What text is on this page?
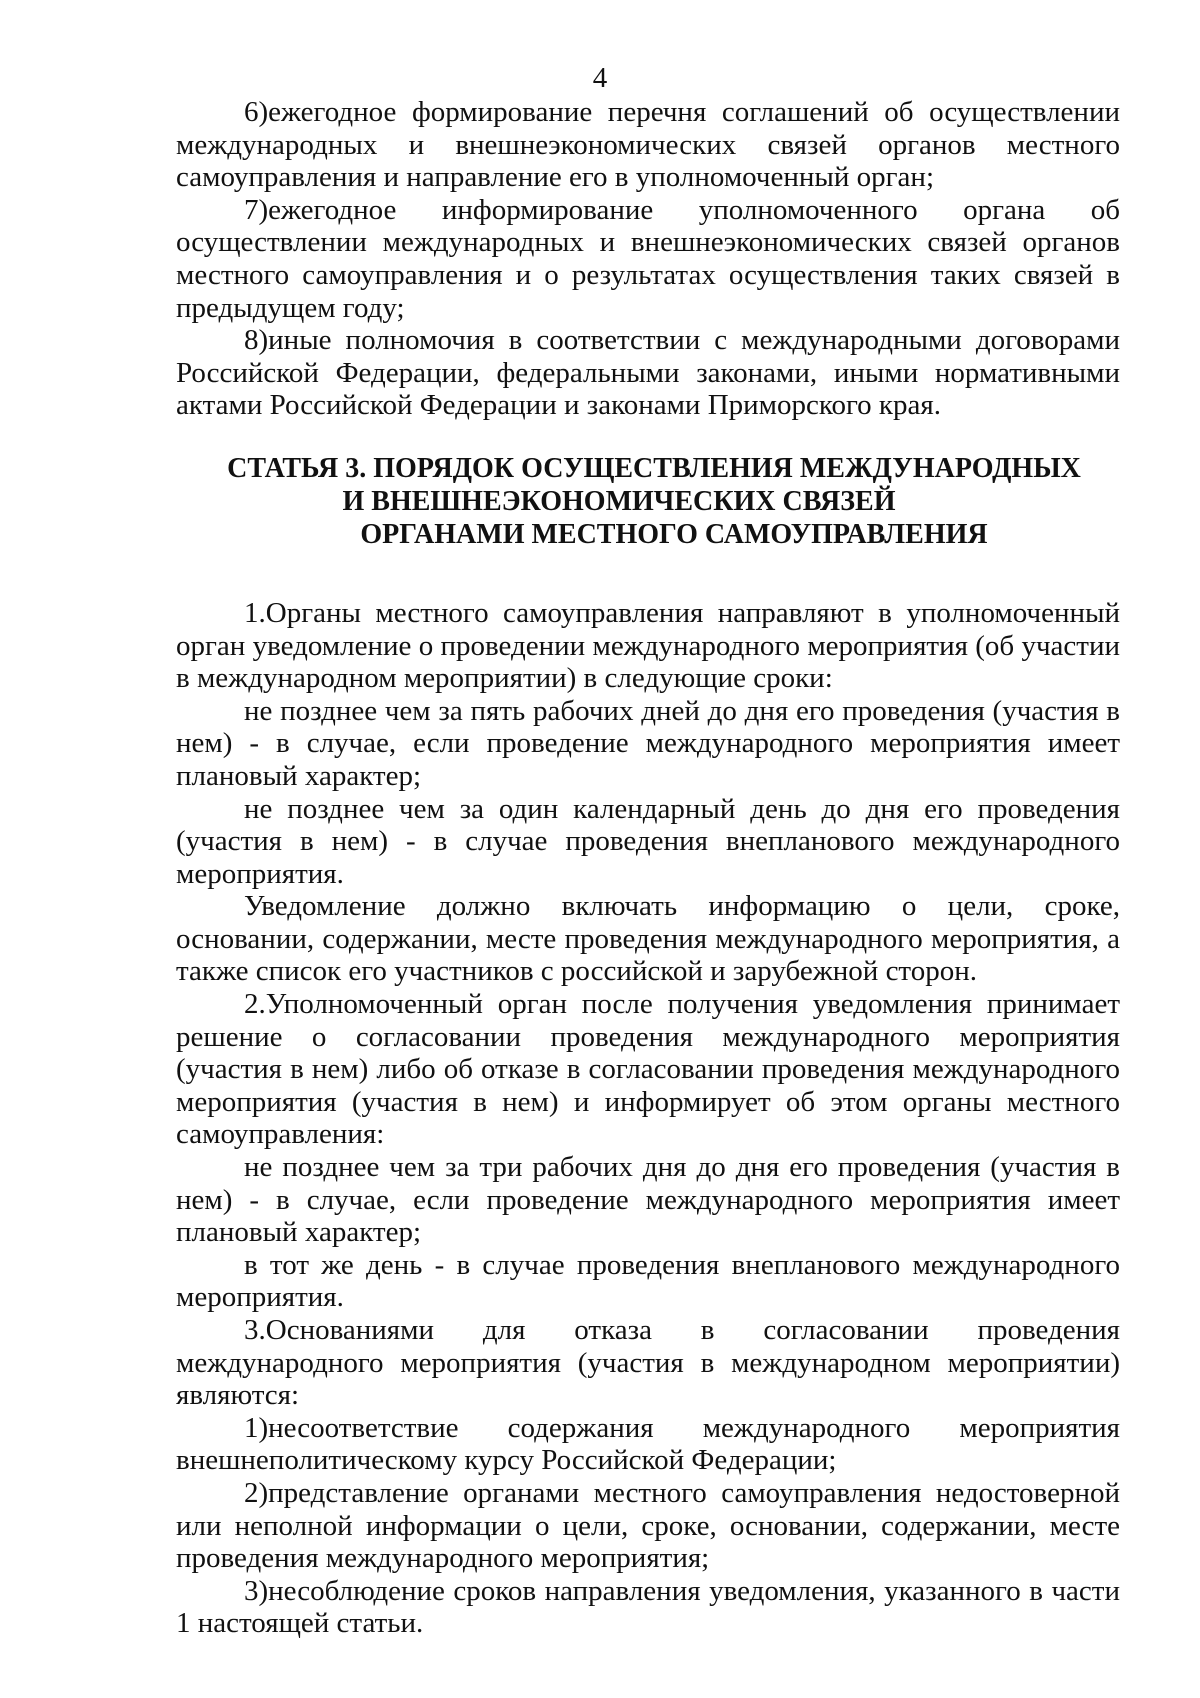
4

6)ежегодное формирование перечня соглашений об осуществлении международных и внешнеэкономических связей органов местного самоуправления и направление его в уполномоченный орган;

7)ежегодное информирование уполномоченного органа об осуществлении международных и внешнеэкономических связей органов местного самоуправления и о результатах осуществления таких связей в предыдущем году;

8)иные полномочия в соответствии с международными договорами Российской Федерации, федеральными законами, иными нормативными актами Российской Федерации и законами Приморского края.

СТАТЬЯ 3. ПОРЯДОК ОСУЩЕСТВЛЕНИЯ МЕЖДУНАРОДНЫХ
И ВНЕШНЕЭКОНОМИЧЕСКИХ СВЯЗЕЙ
ОРГАНАМИ МЕСТНОГО САМОУПРАВЛЕНИЯ

1.Органы местного самоуправления направляют в уполномоченный орган уведомление о проведении международного мероприятия (об участии в международном мероприятии) в следующие сроки:

не позднее чем за пять рабочих дней до дня его проведения (участия в нем) - в случае, если проведение международного мероприятия имеет плановый характер;

не позднее чем за один календарный день до дня его проведения (участия в нем) - в случае проведения внепланового международного мероприятия.

Уведомление должно включать информацию о цели, сроке, основании, содержании, месте проведения международного мероприятия, а также список его участников с российской и зарубежной сторон.

2.Уполномоченный орган после получения уведомления принимает решение о согласовании проведения международного мероприятия (участия в нем) либо об отказе в согласовании проведения международного мероприятия (участия в нем) и информирует об этом органы местного самоуправления:

не позднее чем за три рабочих дня до дня его проведения (участия в нем) - в случае, если проведение международного мероприятия имеет плановый характер;

в тот же день - в случае проведения внепланового международного мероприятия.

3.Основаниями для отказа в согласовании проведения международного мероприятия (участия в международном мероприятии) являются:

1)несоответствие содержания международного мероприятия внешнеполитическому курсу Российской Федерации;

2)представление органами местного самоуправления недостоверной или неполной информации о цели, сроке, основании, содержании, месте проведения международного мероприятия;

3)несоблюдение сроков направления уведомления, указанного в части 1 настоящей статьи.
